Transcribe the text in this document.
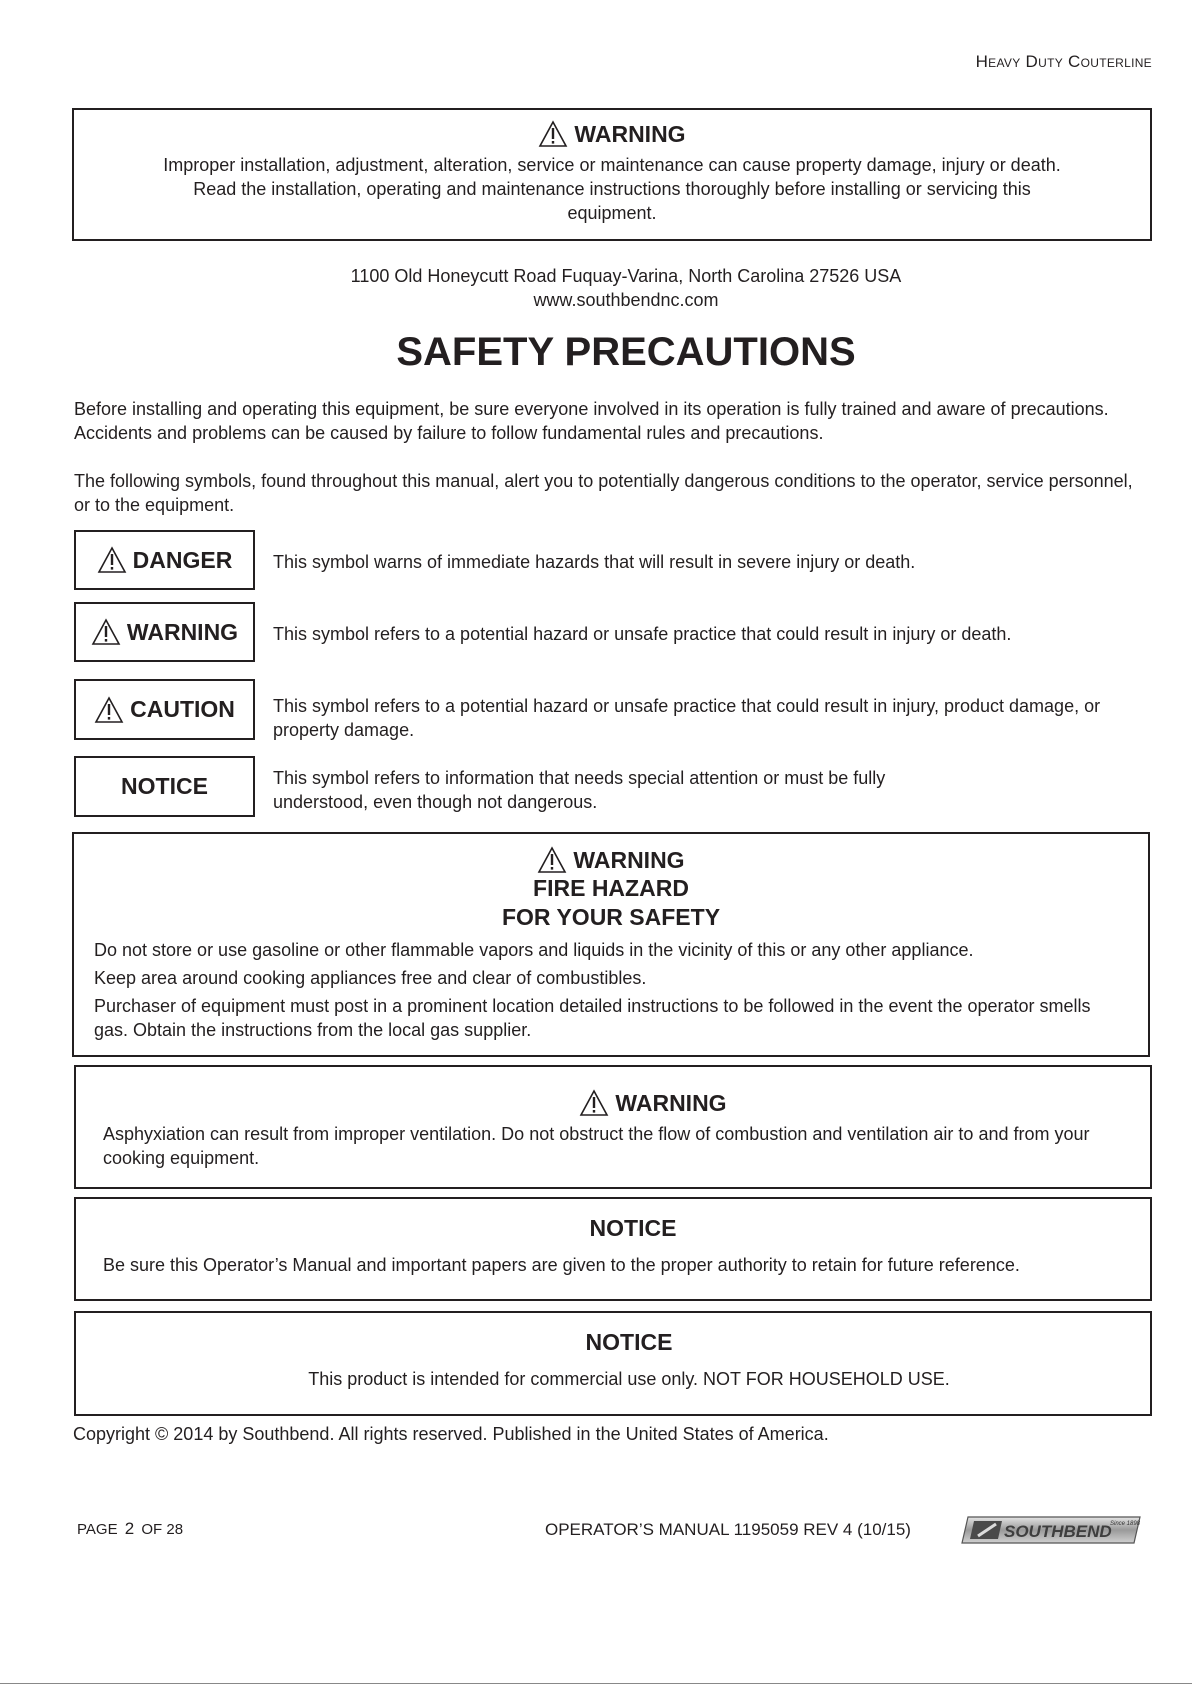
Heavy Duty Couterline
WARNING
Improper installation, adjustment, alteration, service or maintenance can cause property damage, injury or death. Read the installation, operating and maintenance instructions thoroughly before installing or servicing this equipment.
1100 Old Honeycutt Road Fuquay-Varina, North Carolina 27526 USA
www.southbendnc.com
SAFETY PRECAUTIONS
Before installing and operating this equipment, be sure everyone involved in its operation is fully trained and aware of precautions. Accidents and problems can be caused by failure to follow fundamental rules and precautions.
The following symbols, found throughout this manual, alert you to potentially dangerous conditions to the operator, service personnel, or to the equipment.
DANGER This symbol warns of immediate hazards that will result in severe injury or death.
WARNING This symbol refers to a potential hazard or unsafe practice that could result in injury or death.
CAUTION This symbol refers to a potential hazard or unsafe practice that could result in injury, product damage, or property damage.
NOTICE	This symbol refers to information that needs special attention or must be fully understood, even though not dangerous.
WARNING
FIRE HAZARD
FOR YOUR SAFETY
Do not store or use gasoline or other flammable vapors and liquids in the vicinity of this or any other appliance.
Keep area around cooking appliances free and clear of combustibles.
Purchaser of equipment must post in a prominent location detailed instructions to be followed in the event the operator smells gas. Obtain the instructions from the local gas supplier.
WARNING
Asphyxiation can result from improper ventilation. Do not obstruct the flow of combustion and ventilation air to and from your cooking equipment.
NOTICE
Be sure this Operator’s Manual and important papers are given to the proper authority to retain for future reference.
NOTICE
This product is intended for commercial use only. NOT FOR HOUSEHOLD USE.
Copyright © 2014 by Southbend. All rights reserved. Published in the United States of America.
PAGE 2 OF 28	OPERATOR’S MANUAL 1195059 REV 4 (10/15)	SOUTHBEND
Since 1898
